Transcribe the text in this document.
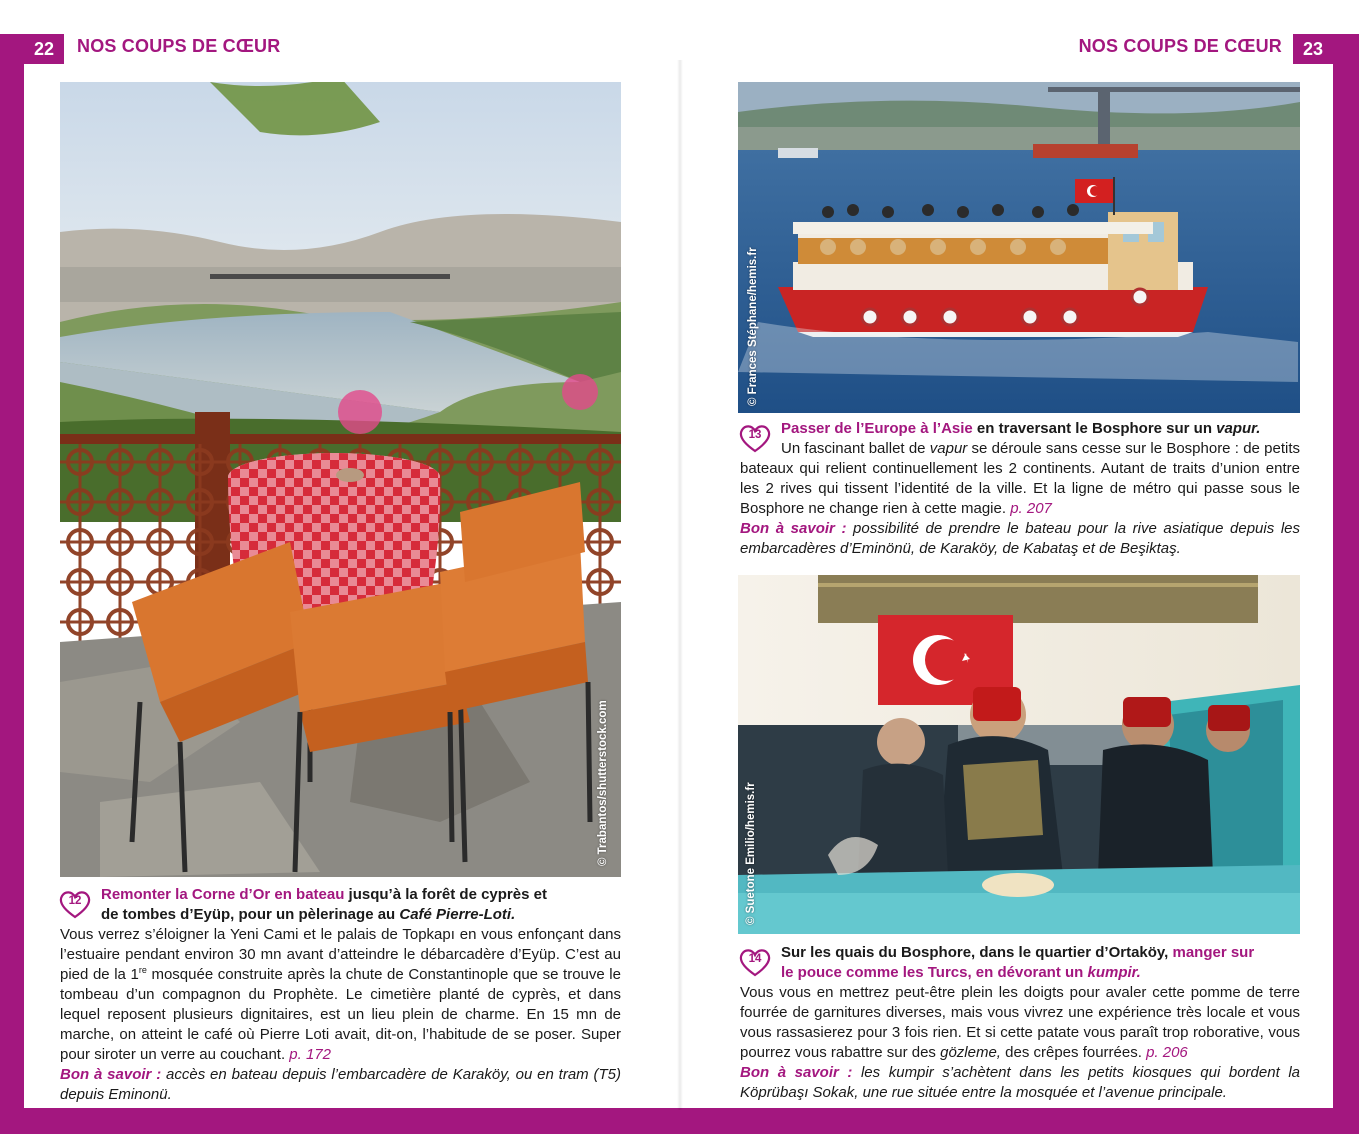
22	NOS COUPS DE CŒUR	NOS COUPS DE CŒUR	23
© Trabantos/shutterstock.com
© Frances Stéphane/hemis.fr
© Suetone Emilio/hemis.fr
12	Remonter la Corne d’Or en bateau jusqu’à la forêt de cyprès et

de tombes d’Eyüp, pour un pèlerinage au Café Pierre-Loti.

Vous verrez s’éloigner la Yeni Cami et le palais de Topkapı en vous enfonçant dans l’estuaire pendant environ 30 mn avant d’atteindre le débarcadère d’Eyüp. C’est au pied de la 1re mosquée construite après la chute de Constantinople que se trouve le tombeau d’un compagnon du Prophète. Le cimetière planté de cyprès, et dans lequel reposent plusieurs dignitaires, est un lieu plein de charme. En 15 mn de marche, on atteint le café où Pierre Loti avait, dit-on, l’habitude de se poser. Super pour siroter un verre au couchant. p. 172

Bon à savoir : accès en bateau depuis l’embarcadère de Karaköy, ou en tram (T5) depuis Eminonü.

13	Passer de l’Europe à l’Asie en traversant le Bosphore sur un vapur.

Un fascinant ballet de vapur se déroule sans cesse sur le Bosphore : de petits bateaux qui relient continuellement les 2 continents. Autant de traits d’union entre les 2 rives qui tissent l’identité de la ville. Et la ligne de métro qui passe sous le Bosphore ne change rien à cette magie. p. 207

Bon à savoir : possibilité de prendre le bateau pour la rive asiatique depuis les embarcadères d’Eminönü, de Karaköy, de Kabataş et de Beşiktaş.

14	Sur les quais du Bosphore, dans le quartier d’Ortaköy, manger sur le pouce comme les Turcs, en dévorant un kumpir.

Vous vous en mettrez peut-être plein les doigts pour avaler cette pomme de terre fourrée de garnitures diverses, mais vous vivrez une expérience très locale et vous vous rassasierez pour 3 fois rien. Et si cette patate vous paraît trop roborative, vous pourrez vous rabattre sur des gözleme, des crêpes fourrées. p. 206

Bon à savoir : les kumpir s’achètent dans les petits kiosques qui bordent la Köprübaşı Sokak, une rue située entre la mosquée et l’avenue principale.
